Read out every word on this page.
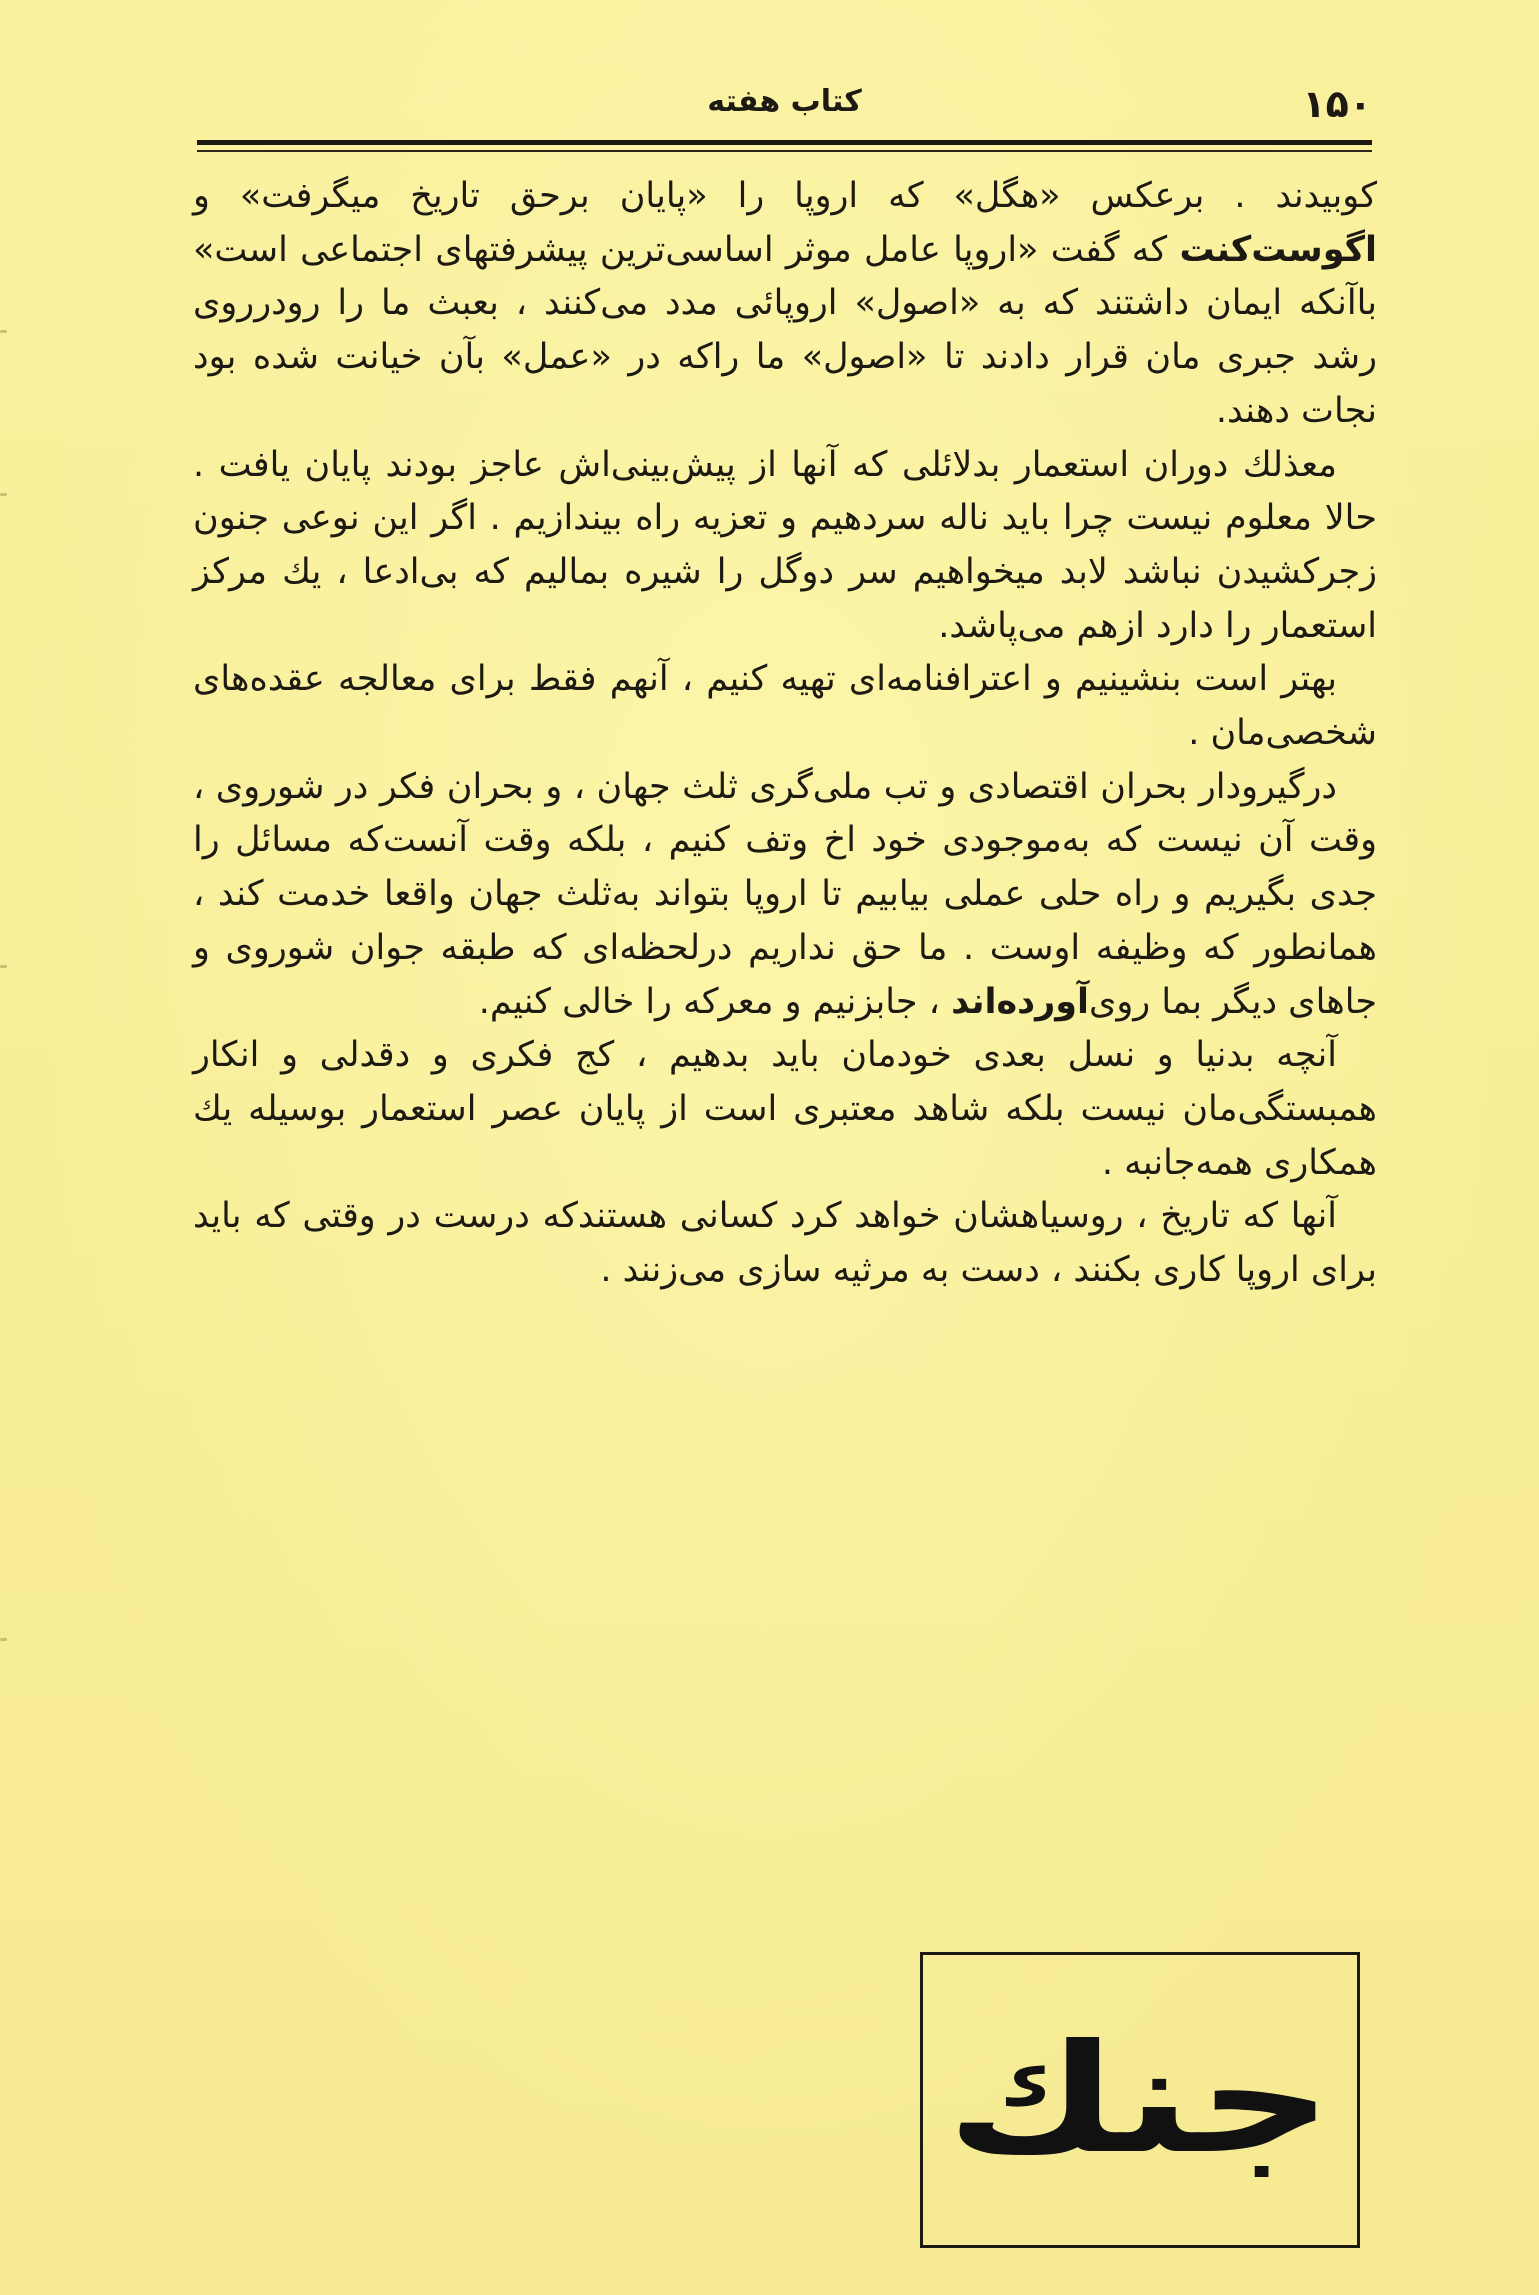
۱۵۰
کتاب هفته

کوبیدند . برعکس «هگل» که اروپا را «پایان برحق تاریخ میگرفت» و اگوست‌کنت که گفت «اروپا عامل موثر اساسی‌ترین پیشرفتهای اجتماعی است» باآنکه ایمان داشتند که به «اصول» اروپائی مدد می‌کنند ، بعبث ما را رودرروی رشد جبری مان قرار دادند تا «اصول» ما راکه در «عمل» بآن خیانت شده بود نجات دهند.

معذلك دوران استعمار بدلائلی که آنها از پیش‌بینی‌اش عاجز بودند پایان یافت . حالا معلوم نیست چرا باید ناله سردهیم و تعزیه راه بیندازیم . اگر این نوعی جنون زجرکشیدن نباشد لابد میخواهیم سر دوگل را شیره بمالیم که بی‌ادعا ، یك مرکز استعمار را دارد ازهم می‌پاشد.

بهتر است بنشینیم و اعترافنامه‌ای تهیه کنیم ، آنهم فقط برای معالجه عقده‌های شخصی‌مان .

درگیرودار بحران اقتصادی و تب ملی‌گری ثلث جهان ، و بحران فکر در شوروی ، وقت آن نیست که به‌موجودی خود اخ وتف کنیم ، بلکه وقت آنست‌که مسائل را جدی بگیریم و راه حلی عملی بیابیم تا اروپا بتواند به‌ثلث جهان واقعا خدمت کند ، همانطور که وظیفه اوست . ما حق نداریم درلحظه‌ای که طبقه جوان شوروی و جاهای دیگر بما روی‌آورده‌اند ، جابزنیم و معرکه را خالی کنیم.

آنچه بدنیا و نسل بعدی خودمان باید بدهیم ، کج فکری و دقدلی و انکار همبستگی‌مان نیست بلکه شاهد معتبری است از پایان عصر استعمار بوسیله یك همکاری همه‌جانبه .

آنها که تاریخ ، روسیاهشان خواهد کرد کسانی هستندکه درست در وقتی که باید برای اروپا کاری بکنند ، دست به مرثیه سازی می‌زنند .

جنك
